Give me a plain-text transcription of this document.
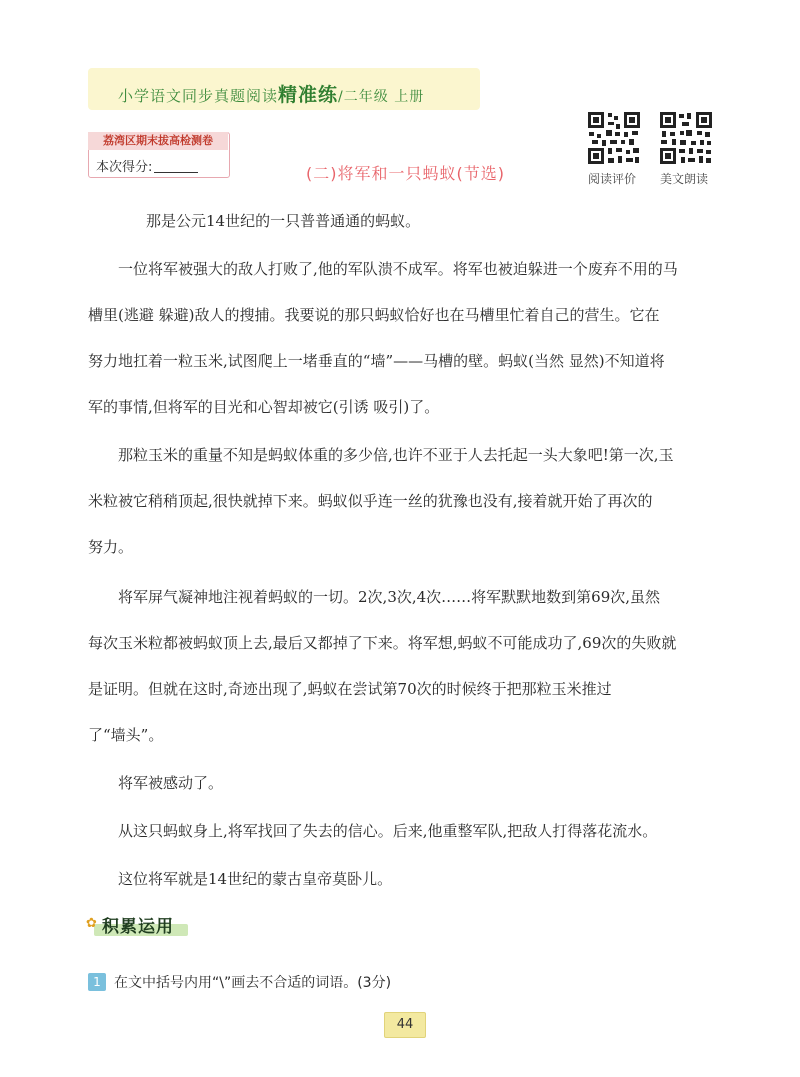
小学语文同步真题阅读精准练/二年级 上册
荔湾区期末拔高检测卷
本次得分:	(二)将军和一只蚂蚁(节选)	阅读评价 美文朗读
那是公元14世纪的一只普普通通的蚂蚁。
一位将军被强大的敌人打败了,他的军队溃不成军。将军也被迫躲进一个废弃不用的马
槽里(逃避 躲避)敌人的搜捕。我要说的那只蚂蚁恰好也在马槽里忙着自己的营生。它在
努力地扛着一粒玉米,试图爬上一堵垂直的“墙”——马槽的壁。蚂蚁(当然 显然)不知道将
军的事情,但将军的目光和心智却被它(引诱 吸引)了。
那粒玉米的重量不知是蚂蚁体重的多少倍,也许不亚于人去托起一头大象吧!第一次,玉
米粒被它稍稍顶起,很快就掉下来。蚂蚁似乎连一丝的犹豫也没有,接着就开始了再次的
努力。
将军屏气凝神地注视着蚂蚁的一切。2次,3次,4次……将军默默地数到第69次,虽然
每次玉米粒都被蚂蚁顶上去,最后又都掉了下来。将军想,蚂蚁不可能成功了,69次的失败就
是证明。但就在这时,奇迹出现了,蚂蚁在尝试第70次的时候终于把那粒玉米推过
了“墙头”。
将军被感动了。
从这只蚂蚁身上,将军找回了失去的信心。后来,他重整军队,把敌人打得落花流水。
这位将军就是14世纪的蒙古皇帝莫卧儿。
✿ 积累运用
1 在文中括号内用“\”画去不合适的词语。(3分)
44
